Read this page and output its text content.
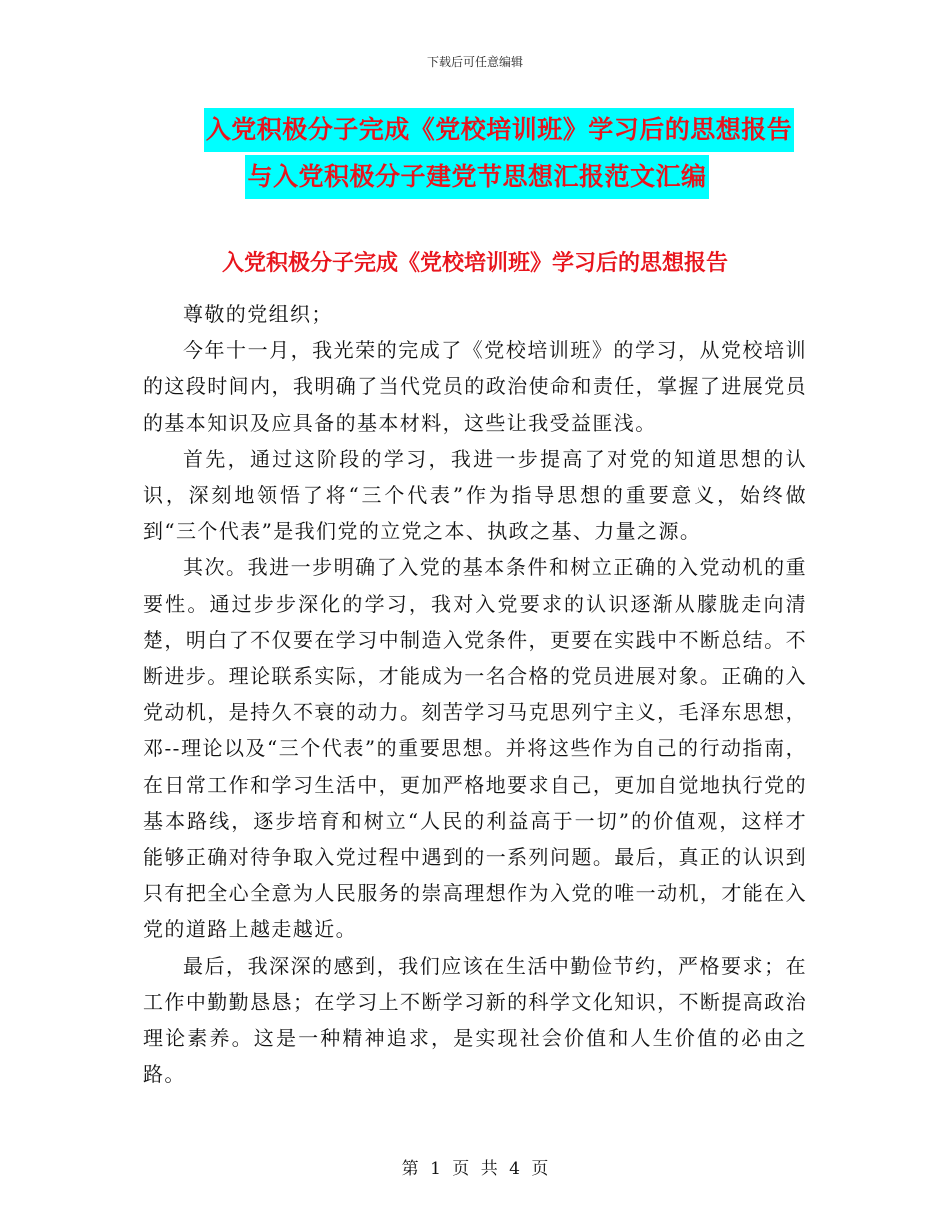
下载后可任意编辑
入党积极分子完成《党校培训班》学习后的思想报告
与入党积极分子建党节思想汇报范文汇编
入党积极分子完成《党校培训班》学习后的思想报告

尊敬的党组织；

今年十一月，我光荣的完成了《党校培训班》的学习，从党校培训的这段时间内，我明确了当代党员的政治使命和责任，掌握了进展党员的基本知识及应具备的基本材料，这些让我受益匪浅。

首先，通过这阶段的学习，我进一步提高了对党的知道思想的认识，深刻地领悟了将“三个代表”作为指导思想的重要意义，始终做到“三个代表”是我们党的立党之本、执政之基、力量之源。

其次。我进一步明确了入党的基本条件和树立正确的入党动机的重要性。通过步步深化的学习，我对入党要求的认识逐渐从朦胧走向清楚，明白了不仅要在学习中制造入党条件，更要在实践中不断总结。不断进步。理论联系实际，才能成为一名合格的党员进展对象。正确的入党动机，是持久不衰的动力。刻苦学习马克思列宁主义，毛泽东思想，邓--理论以及“三个代表”的重要思想。并将这些作为自己的行动指南，在日常工作和学习生活中，更加严格地要求自己，更加自觉地执行党的基本路线，逐步培育和树立“人民的利益高于一切”的价值观，这样才能够正确对待争取入党过程中遇到的一系列问题。最后，真正的认识到只有把全心全意为人民服务的崇高理想作为入党的唯一动机，才能在入党的道路上越走越近。

最后，我深深的感到，我们应该在生活中勤俭节约，严格要求；在工作中勤勤恳恳；在学习上不断学习新的科学文化知识，不断提高政治理论素养。这是一种精神追求，是实现社会价值和人生价值的必由之路。

第 1 页 共 4 页
